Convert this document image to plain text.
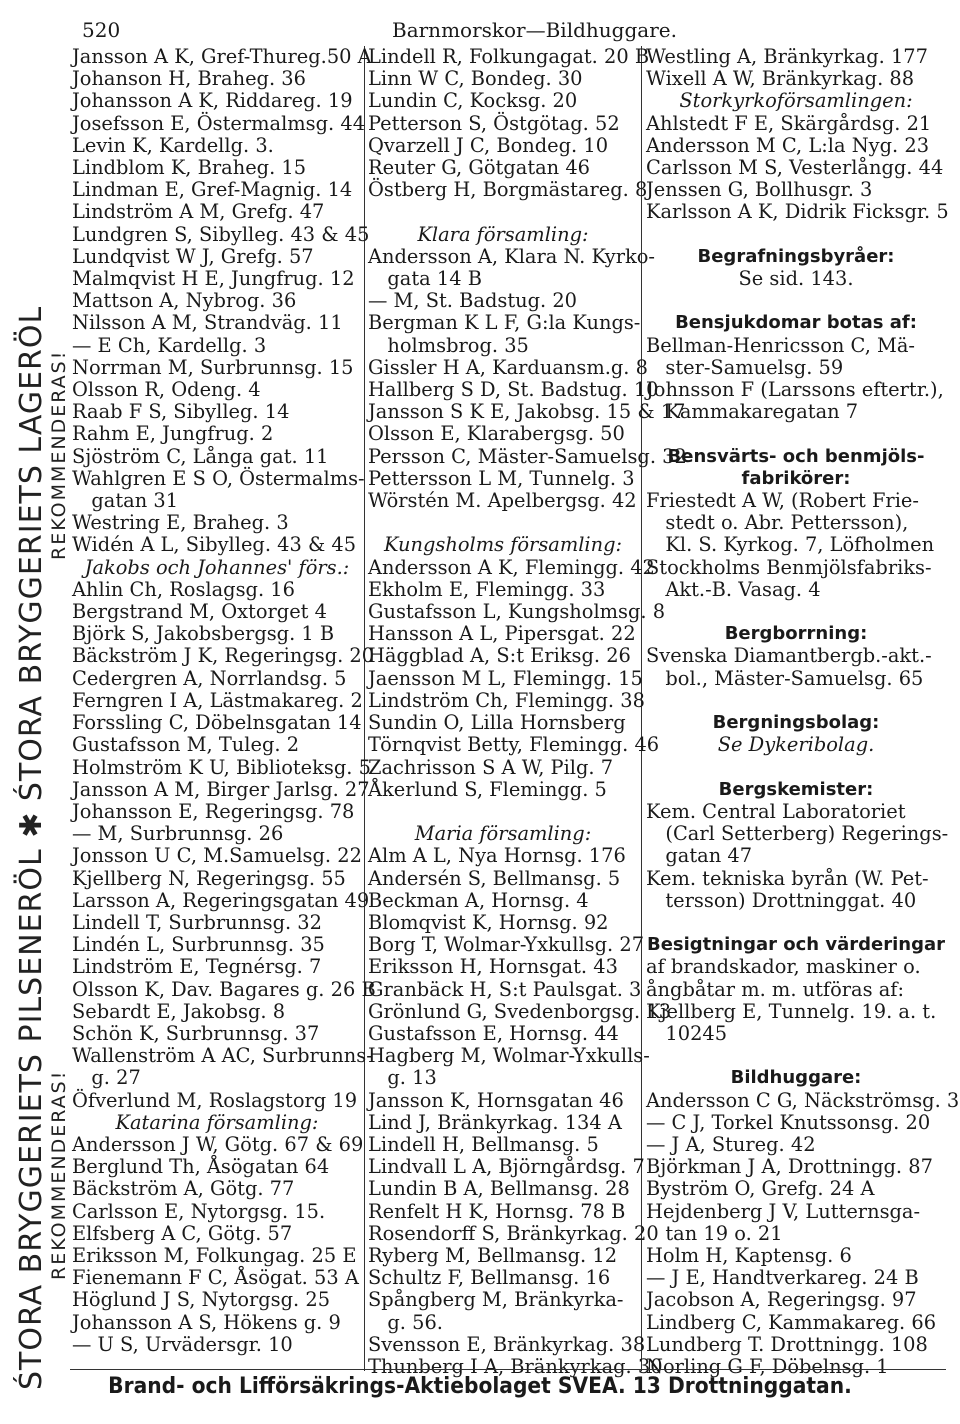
520	Barnmorskor—Bildhuggare.
ŚTORA BRYGGERIETS PILSENERÖL ✱ ŚTORA BRYGGERIETS LAGERÖL REKOMMENDERAS!
REKOMMENDERAS!
Jansson A K, Gref-Thureg.50 A
Johanson H, Braheg. 36
Johansson A K, Riddareg. 19
Josefsson E, Östermalmsg. 44
Levin K, Kardellg. 3.
Lindblom K, Braheg. 15
Lindman E, Gref-Magnig. 14
Lindström A M, Grefg. 47
Lundgren S, Sibylleg. 43 & 45
Lundqvist W J, Grefg. 57
Malmqvist H E, Jungfrug. 12
Mattson A, Nybrog. 36
Nilsson A M, Strandväg. 11
— E Ch, Kardellg. 3
Norrman M, Surbrunnsg. 15
Olsson R, Odeng. 4
Raab F S, Sibylleg. 14
Rahm E, Jungfrug. 2
Sjöström C, Långa gat. 11
Wahlgren E S O, Östermalms-
 gatan 31
Westring E, Braheg. 3
Widén A L, Sibylleg. 43 & 45
Jakobs och Johannes' förs.:
Ahlin Ch, Roslagsg. 16
Bergstrand M, Oxtorget 4
Björk S, Jakobsbergsg. 1 B
Bäckström J K, Regeringsg. 20
Cedergren A, Norrlandsg. 5
Ferngren I A, Lästmakareg. 2
Forssling C, Döbelnsgatan 14
Gustafsson M, Tuleg. 2
Holmström K U, Biblioteksg. 5
Jansson A M, Birger Jarlsg. 27
Johansson E, Regeringsg. 78
— M, Surbrunnsg. 26
Jonsson U C, M.Samuelsg. 22
Kjellberg N, Regeringsg. 55
Larsson A, Regeringsgatan 49
Lindell T, Surbrunnsg. 32
Lindén L, Surbrunnsg. 35
Lindström E, Tegnérsg. 7
Olsson K, Dav. Bagares g. 26 B
Sebardt E, Jakobsg. 8
Schön K, Surbrunnsg. 37
Wallenström A AC, Surbrunns-
 g. 27
Öfverlund M, Roslagstorg 19
Katarina församling:
Andersson J W, Götg. 67 & 69
Berglund Th, Åsögatan 64
Bäckström A, Götg. 77
Carlsson E, Nytorgsg. 15.
Elfsberg A C, Götg. 57
Eriksson M, Folkungag. 25 E
Fienemann F C, Åsögat. 53 A
Höglund J S, Nytorgsg. 25
Johansson A S, Hökens g. 9
— U S, Urvädersgr. 10
Lindell R, Folkungagat. 20 B
Linn W C, Bondeg. 30
Lundin C, Kocksg. 20
Petterson S, Östgötag. 52
Qvarzell J C, Bondeg. 10
Reuter G, Götgatan 46
Östberg H, Borgmästareg. 8

Klara församling:
Andersson A, Klara N. Kyrko-
 gata 14 B
— M, St. Badstug. 20
Bergman K L F, G:la Kungs-
 holmsbrog. 35
Gissler H A, Karduansm.g. 8
Hallberg S D, St. Badstug. 10
Jansson S K E, Jakobsg. 15 & 17
Olsson E, Klarabergsg. 50
Persson C, Mäster-Samuelsg. 32
Pettersson L M, Tunnelg. 3
Wörstén M. Apelbergsg. 42

Kungsholms församling:
Andersson A K, Flemingg. 42
Ekholm E, Flemingg. 33
Gustafsson L, Kungsholmsg. 8
Hansson A L, Pipersgat. 22
Häggblad A, S:t Eriksg. 26
Jaensson M L, Flemingg. 15
Lindström Ch, Flemingg. 38
Sundin O, Lilla Hornsberg
Törnqvist Betty, Flemingg. 46
Zachrisson S A W, Pilg. 7
Åkerlund S, Flemingg. 5

Maria församling:
Alm A L, Nya Hornsg. 176
Andersén S, Bellmansg. 5
Beckman A, Hornsg. 4
Blomqvist K, Hornsg. 92
Borg T, Wolmar-Yxkullsg. 27
Eriksson H, Hornsgat. 43
Granbäck H, S:t Paulsgat. 3
Grönlund G, Svedenborgsg. 13
Gustafsson E, Hornsg. 44
Hagberg M, Wolmar-Yxkulls-
 g. 13
Jansson K, Hornsgatan 46
Lind J, Bränkyrkag. 134 A
Lindell H, Bellmansg. 5
Lindvall L A, Björngårdsg. 7
Lundin B A, Bellmansg. 28
Renfelt H K, Hornsg. 78 B
Rosendorff S, Bränkyrkag. 20
Ryberg M, Bellmansg. 12
Schultz F, Bellmansg. 16
Spångberg M, Bränkyrka-
 g. 56.
Svensson E, Bränkyrkag. 38
Thunberg I A, Bränkyrkag. 30
Westling A, Bränkyrkag. 177
Wixell A W, Bränkyrkag. 88
Storkyrkoförsamlingen:
Ahlstedt F E, Skärgårdsg. 21
Andersson M C, L:la Nyg. 23
Carlsson M S, Vesterlångg. 44
Jenssen G, Bollhusgr. 3
Karlsson A K, Didrik Ficksgr. 5

Begrafningsbyråer:
Se sid. 143.

Bensjukdomar botas af:
Bellman-Henricsson C, Mä-
 ster-Samuelsg. 59
Johnsson F (Larssons eftertr.),
 Kammakaregatan 7

Bensvärts- och benmjöls-
fabrikörer:
Friestedt A W, (Robert Frie-
 stedt o. Abr. Pettersson),
 Kl. S. Kyrkog. 7, Löfholmen
Stockholms Benmjölsfabriks-
 Akt.-B. Vasag. 4

Bergborrning:
Svenska Diamantbergb.-akt.-
 bol., Mäster-Samuelsg. 65

Bergningsbolag:
Se Dykeribolag.

Bergskemister:
Kem. Central Laboratoriet
 (Carl Setterberg) Regerings-
 gatan 47
Kem. tekniska byrån (W. Pet-
 tersson) Drottninggat. 40

Besigtningar och värderingar
af brandskador, maskiner o.
ångbåtar m. m. utföras af:
Kjellberg E, Tunnelg. 19. a. t.
 10245

Bildhuggare:
Andersson C G, Näckströmsg. 3
— C J, Torkel Knutssonsg. 20
— J A, Stureg. 42
Björkman J A, Drottningg. 87
Byström O, Grefg. 24 A
Hejdenberg J V, Lutternsga-
 tan 19 o. 21
Holm H, Kaptensg. 6
— J E, Handtverkareg. 24 B
Jacobson A, Regeringsg. 97
Lindberg C, Kammakareg. 66
Lundberg T. Drottningg. 108
Norling G F, Döbelnsg. 1
Brand- och Lifförsäkrings-Aktiebolaget SVEA. 13 Drottninggatan.
